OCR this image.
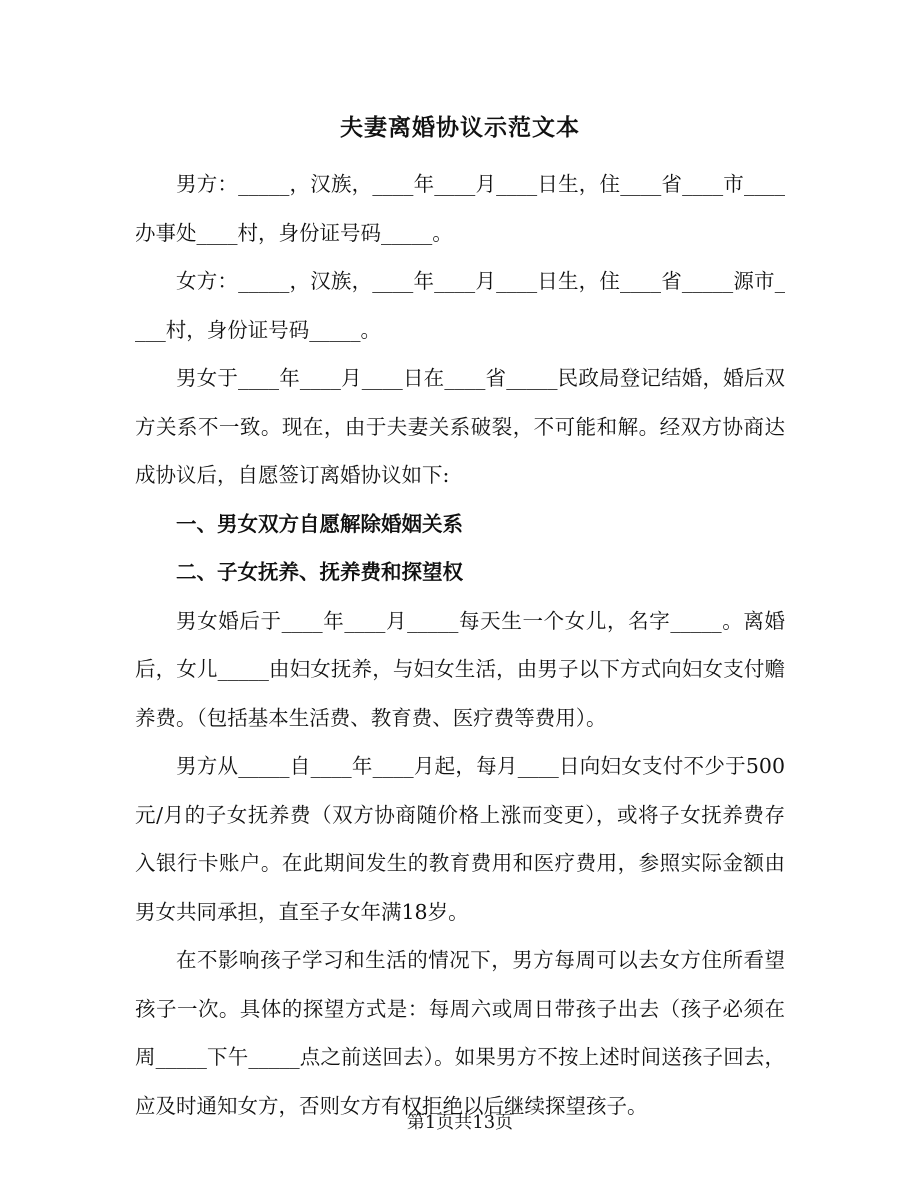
夫妻离婚协议示范文本

男方：_____，汉族，____年____月____日生，住____省____市____办事处____村，身份证号码_____。

女方：_____，汉族，____年____月____日生，住____省_____源市____村，身份证号码_____。

男女于____年____月____日在____省_____民政局登记结婚，婚后双方关系不一致。现在，由于夫妻关系破裂，不可能和解。经双方协商达成协议后，自愿签订离婚协议如下:

一、男女双方自愿解除婚姻关系

二、子女抚养、抚养费和探望权

男女婚后于____年____月_____每天生一个女儿，名字_____。离婚后，女儿_____由妇女抚养，与妇女生活，由男子以下方式向妇女支付赡养费。（包括基本生活费、教育费、医疗费等费用）。

男方从_____自____年____月起，每月____日向妇女支付不少于500元/月的子女抚养费（双方协商随价格上涨而变更），或将子女抚养费存入银行卡账户。在此期间发生的教育费用和医疗费用，参照实际金额由男女共同承担，直至子女年满18岁。

在不影响孩子学习和生活的情况下，男方每周可以去女方住所看望孩子一次。具体的探望方式是：每周六或周日带孩子出去（孩子必须在周_____下午_____点之前送回去）。如果男方不按上述时间送孩子回去，应及时通知女方，否则女方有权拒绝以后继续探望孩子。

第1页共13页
